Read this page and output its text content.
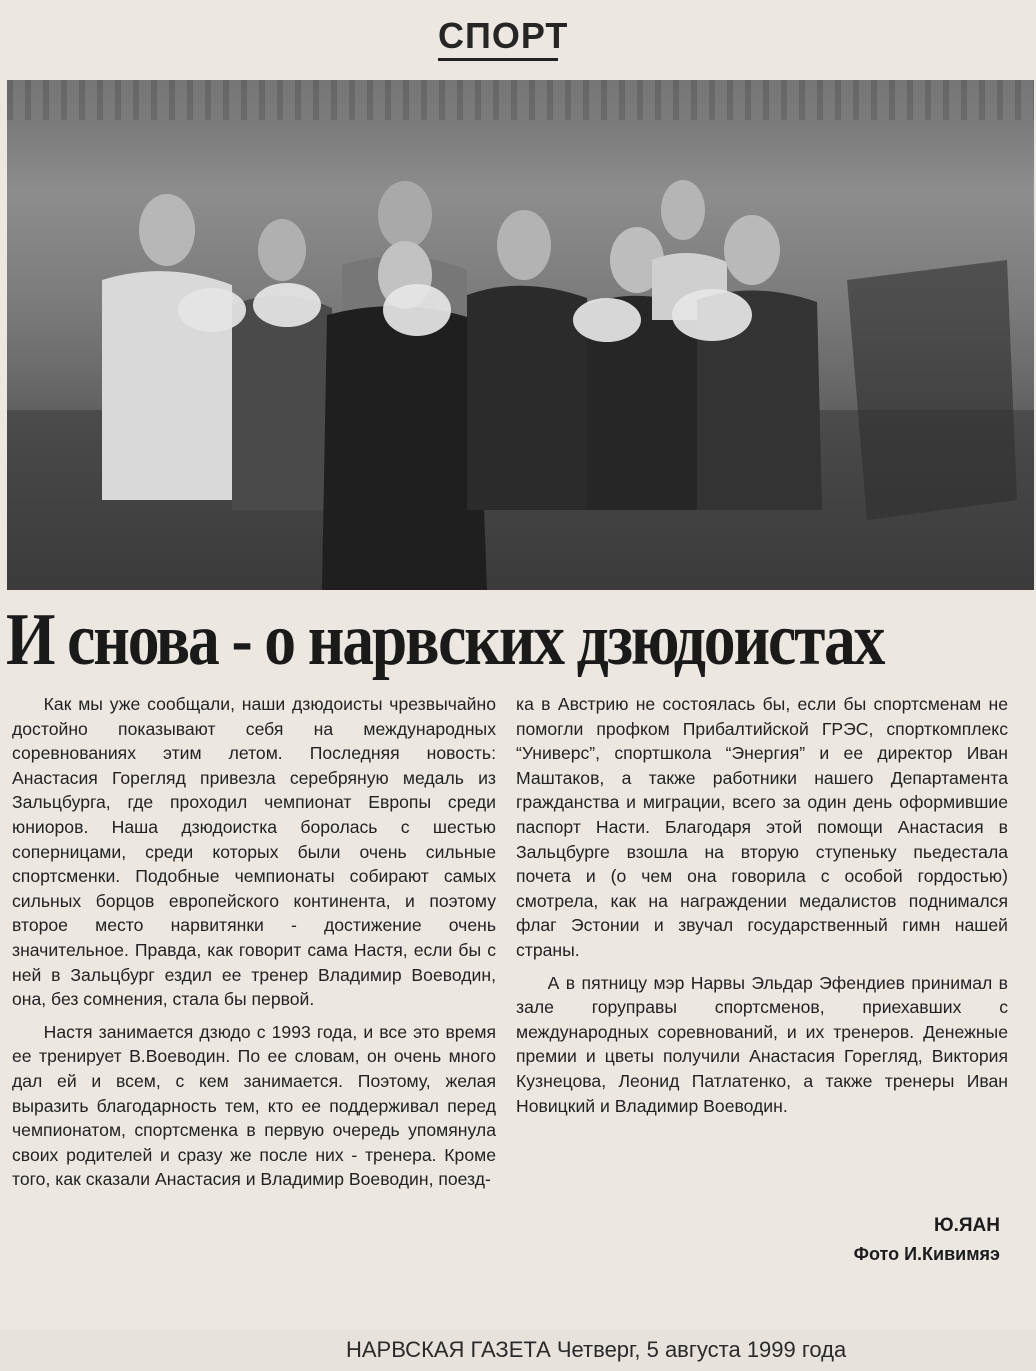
СПОРТ
И снова - о нарвских дзюдоистах

Как мы уже сообщали, наши дзюдоисты чрезвычайно достойно показывают себя на международных соревнованиях этим летом. Последняя новость: Анастасия Горегляд привезла серебряную медаль из Зальцбурга, где проходил чемпионат Европы среди юниоров. Наша дзюдоистка боролась с шестью соперницами, среди которых были очень сильные спортсменки. Подобные чемпионаты собирают самых сильных борцов европейского континента, и поэтому второе место нарвитянки - достижение очень значительное. Правда, как говорит сама Настя, если бы с ней в Зальцбург ездил ее тренер Владимир Воеводин, она, без сомнения, стала бы первой.

Настя занимается дзюдо с 1993 года, и все это время ее тренирует В.Воеводин. По ее словам, он очень много дал ей и всем, с кем занимается. Поэтому, желая выразить благодарность тем, кто ее поддерживал перед чемпионатом, спортсменка в первую очередь упомянула своих родителей и сразу же после них - тренера. Кроме того, как сказали Анастасия и Владимир Воеводин, поезд-

ка в Австрию не состоялась бы, если бы спортсменам не помогли профком Прибалтийской ГРЭС, спорткомплекс “Универс”, спортшкола “Энергия” и ее директор Иван Маштаков, а также работники нашего Департамента гражданства и миграции, всего за один день оформившие паспорт Насти. Благодаря этой помощи Анастасия в Зальцбурге взошла на вторую ступеньку пьедестала почета и (о чем она говорила с особой гордостью) смотрела, как на награждении медалистов поднимался флаг Эстонии и звучал государственный гимн нашей страны.

А в пятницу мэр Нарвы Эльдар Эфендиев принимал в зале горуправы спортсменов, приехавших с международных соревнований, и их тренеров. Денежные премии и цветы получили Анастасия Горегляд, Виктория Кузнецова, Леонид Патлатенко, а также тренеры Иван Новицкий и Владимир Воеводин.

Ю.ЯАН
Фото И.Кивимяэ
НАРВСКАЯ ГАЗЕТА Четверг, 5 августа 1999 года
